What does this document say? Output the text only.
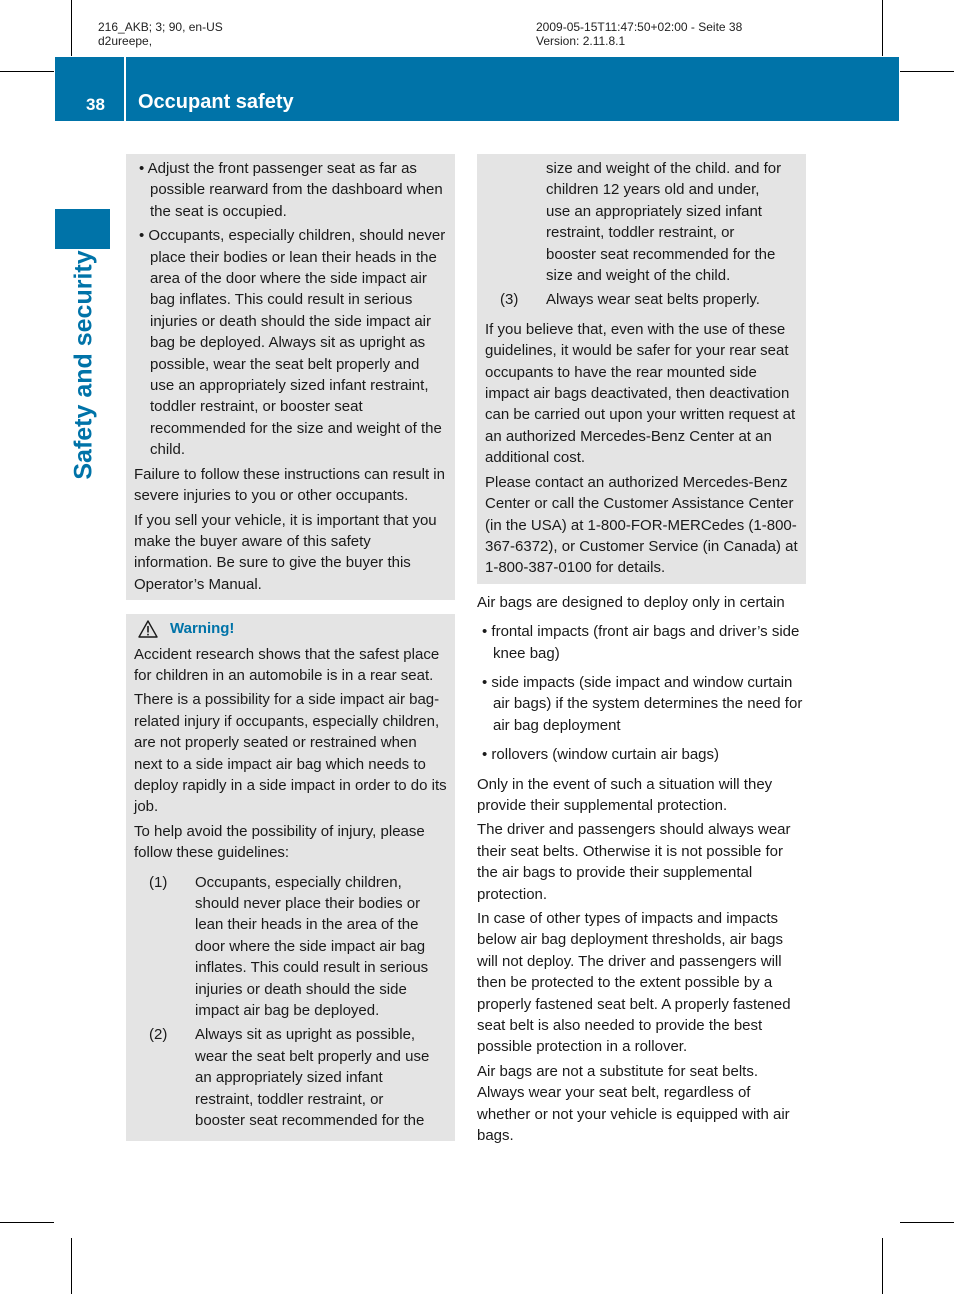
216_AKB; 3; 90, en-US
d2ureepe,
2009-05-15T11:47:50+02:00 - Seite 38
Version: 2.11.8.1
38 Occupant safety
Safety and security

• Adjust the front passenger seat as far as possible rearward from the dashboard when the seat is occupied.

• Occupants, especially children, should never place their bodies or lean their heads in the area of the door where the side impact air bag inflates. This could result in serious injuries or death should the side impact air bag be deployed. Always sit as upright as possible, wear the seat belt properly and use an appropriately sized infant restraint, toddler restraint, or booster seat recommended for the size and weight of the child.

Failure to follow these instructions can result in severe injuries to you or other occupants.

If you sell your vehicle, it is important that you make the buyer aware of this safety information. Be sure to give the buyer this Operator’s Manual.

Warning!

Accident research shows that the safest place for children in an automobile is in a rear seat.

There is a possibility for a side impact air bag-related injury if occupants, especially children, are not properly seated or restrained when next to a side impact air bag which needs to deploy rapidly in a side impact in order to do its job.

To help avoid the possibility of injury, please follow these guidelines:

(1)	Occupants, especially children, should never place their bodies or lean their heads in the area of the door where the side impact air bag inflates. This could result in serious injuries or death should the side impact air bag be deployed.
(2)	Always sit as upright as possible, wear the seat belt properly and use an appropriately sized infant restraint, toddler restraint, or booster seat recommended for the

size and weight of the child. and for children 12 years old and under, use an appropriately sized infant restraint, toddler restraint, or booster seat recommended for the size and weight of the child.

(3)	Always wear seat belts properly.

If you believe that, even with the use of these guidelines, it would be safer for your rear seat occupants to have the rear mounted side impact air bags deactivated, then deactivation can be carried out upon your written request at an authorized Mercedes-Benz Center at an additional cost.

Please contact an authorized Mercedes-Benz Center or call the Customer Assistance Center (in the USA) at 1-800-FOR-MERCedes (1-800-367-6372), or Customer Service (in Canada) at 1-800-387-0100 for details.

Air bags are designed to deploy only in certain

• frontal impacts (front air bags and driver’s side knee bag)

• side impacts (side impact and window curtain air bags) if the system determines the need for air bag deployment

• rollovers (window curtain air bags)

Only in the event of such a situation will they provide their supplemental protection.

The driver and passengers should always wear their seat belts. Otherwise it is not possible for the air bags to provide their supplemental protection.

In case of other types of impacts and impacts below air bag deployment thresholds, air bags will not deploy. The driver and passengers will then be protected to the extent possible by a properly fastened seat belt. A properly fastened seat belt is also needed to provide the best possible protection in a rollover.

Air bags are not a substitute for seat belts. Always wear your seat belt, regardless of whether or not your vehicle is equipped with air bags.
